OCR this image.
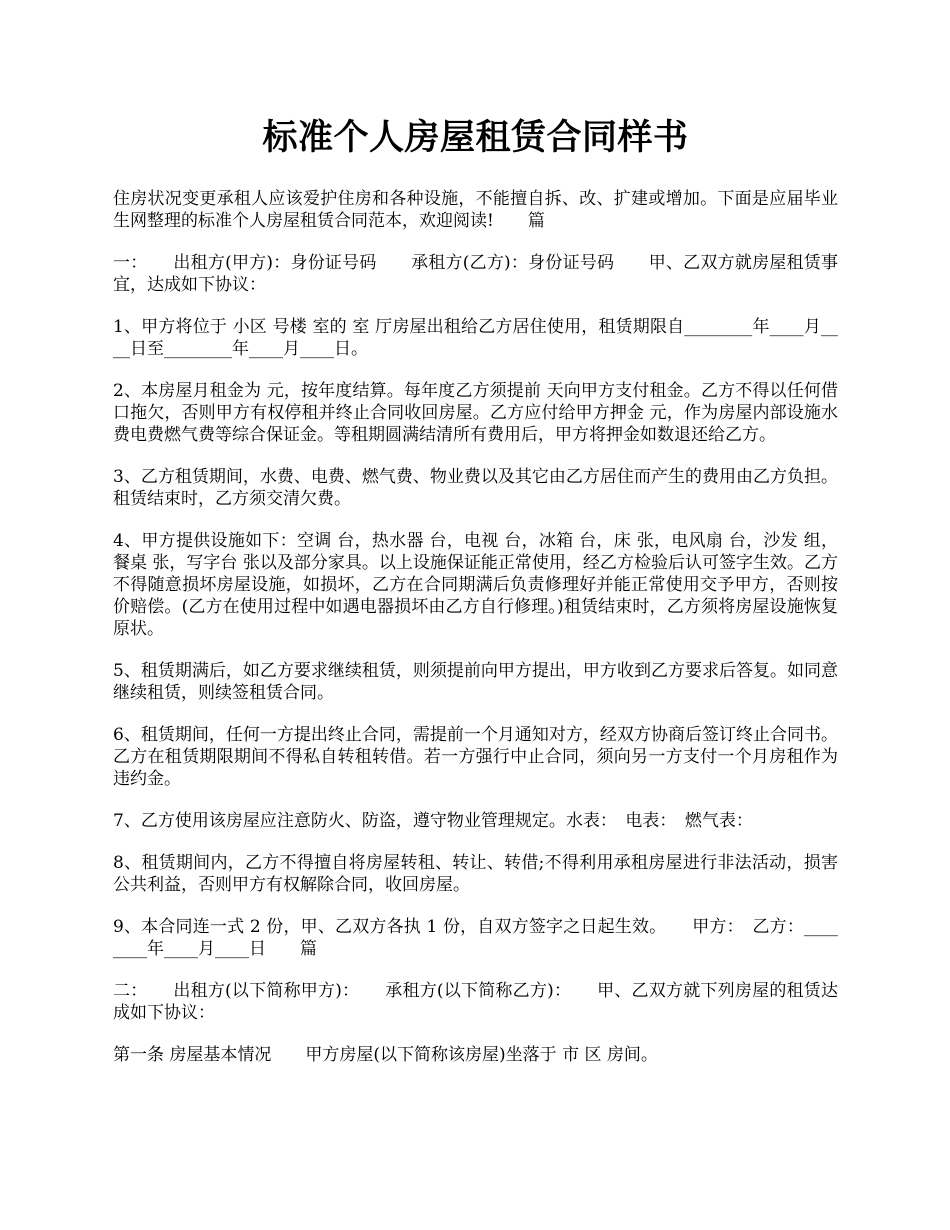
标准个人房屋租赁合同样书

住房状况变更承租人应该爱护住房和各种设施，不能擅自拆、改、扩建或增加。下面是应届毕业生网整理的标准个人房屋租赁合同范本，欢迎阅读!　　篇

一：　　出租方(甲方)：身份证号码　　承租方(乙方)：身份证号码　　甲、乙双方就房屋租赁事宜，达成如下协议：

1、甲方将位于 小区 号楼 室的 室 厅房屋出租给乙方居住使用，租赁期限自________年____月____日至________年____月____日。

2、本房屋月租金为 元，按年度结算。每年度乙方须提前 天向甲方支付租金。乙方不得以任何借口拖欠，否则甲方有权停租并终止合同收回房屋。乙方应付给甲方押金 元，作为房屋内部设施水费电费燃气费等综合保证金。等租期圆满结清所有费用后，甲方将押金如数退还给乙方。

3、乙方租赁期间，水费、电费、燃气费、物业费以及其它由乙方居住而产生的费用由乙方负担。租赁结束时，乙方须交清欠费。

4、甲方提供设施如下：空调 台，热水器 台，电视 台，冰箱 台，床 张，电风扇 台，沙发 组，餐桌 张，写字台 张以及部分家具。以上设施保证能正常使用，经乙方检验后认可签字生效。乙方不得随意损坏房屋设施，如损坏，乙方在合同期满后负责修理好并能正常使用交予甲方，否则按价赔偿。(乙方在使用过程中如遇电器损坏由乙方自行修理。)租赁结束时，乙方须将房屋设施恢复原状。

5、租赁期满后，如乙方要求继续租赁，则须提前向甲方提出，甲方收到乙方要求后答复。如同意继续租赁，则续签租赁合同。

6、租赁期间，任何一方提出终止合同，需提前一个月通知对方，经双方协商后签订终止合同书。乙方在租赁期限期间不得私自转租转借。若一方强行中止合同，须向另一方支付一个月房租作为违约金。

7、乙方使用该房屋应注意防火、防盗，遵守物业管理规定。水表：　电表：　燃气表：

8、租赁期间内，乙方不得擅自将房屋转租、转让、转借;不得利用承租房屋进行非法活动，损害公共利益，否则甲方有权解除合同，收回房屋。

9、本合同连一式 2 份，甲、乙双方各执 1 份，自双方签字之日起生效。　　甲方：　乙方：________年____月____日　　篇

二：　　出租方(以下简称甲方)：　　承租方(以下简称乙方)：　　甲、乙双方就下列房屋的租赁达成如下协议：

第一条 房屋基本情况　　甲方房屋(以下简称该房屋)坐落于 市 区 房间。
